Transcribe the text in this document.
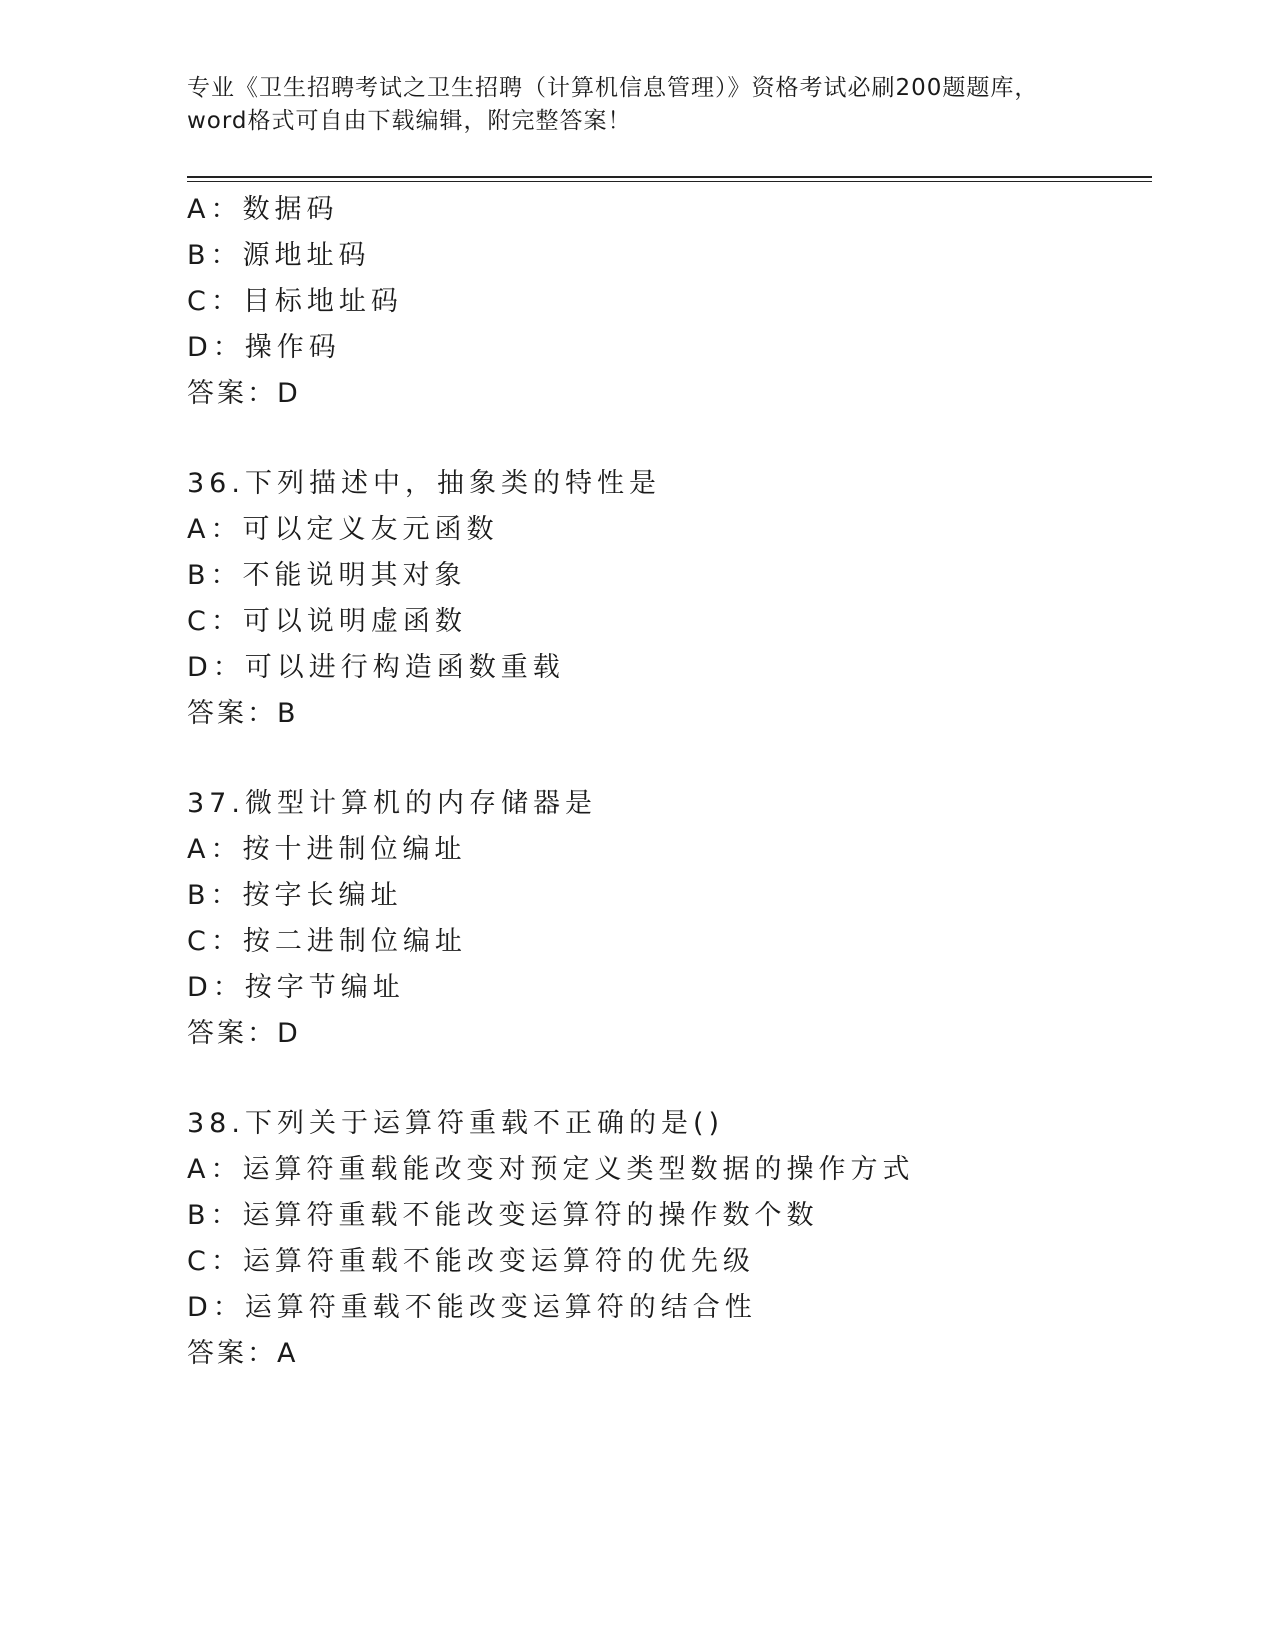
专业《卫生招聘考试之卫生招聘（计算机信息管理）》资格考试必刷200题题库，
word格式可自由下载编辑，附完整答案！
A：数据码
B：源地址码
C：目标地址码
D：操作码
答案：D
36.下列描述中，抽象类的特性是
A：可以定义友元函数
B：不能说明其对象
C：可以说明虚函数
D：可以进行构造函数重载
答案：B
37.微型计算机的内存储器是
A：按十进制位编址
B：按字长编址
C：按二进制位编址
D：按字节编址
答案：D
38.下列关于运算符重载不正确的是()
A：运算符重载能改变对预定义类型数据的操作方式
B：运算符重载不能改变运算符的操作数个数
C：运算符重载不能改变运算符的优先级
D：运算符重载不能改变运算符的结合性
答案：A
